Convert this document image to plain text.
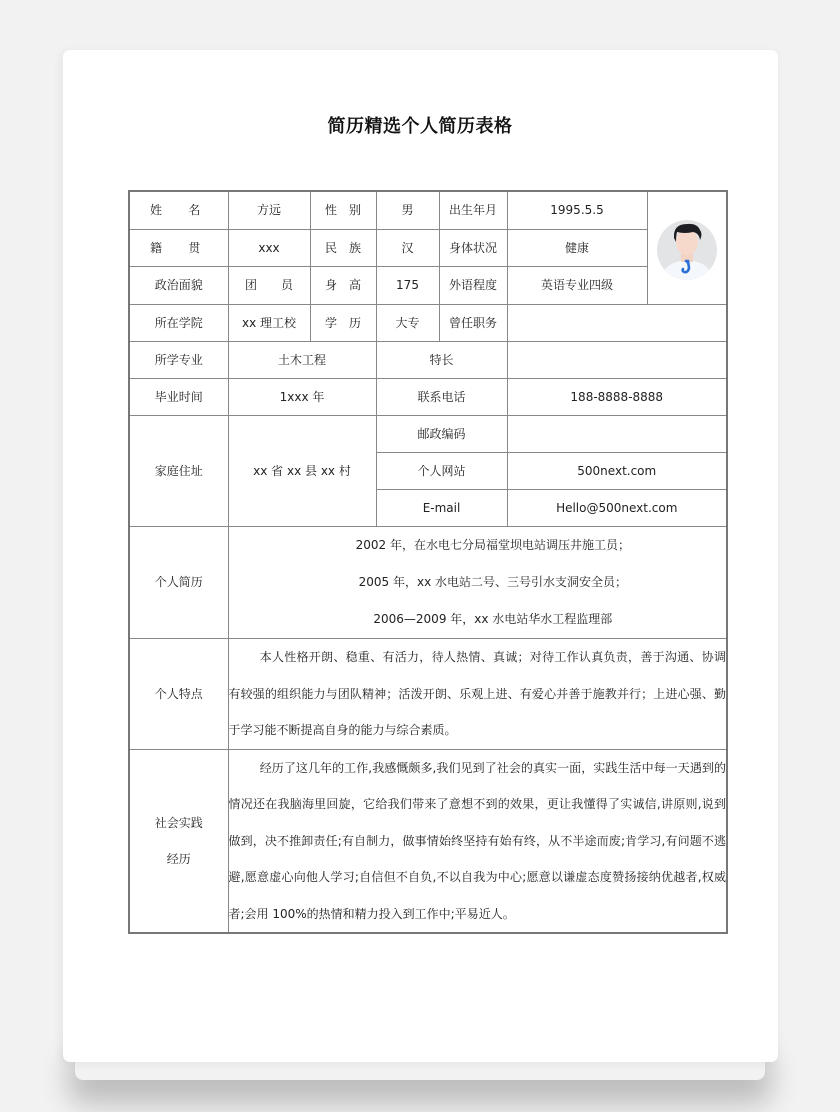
简历精选个人简历表格
姓　名	方远	性　别	男	出生年月	1995.5.5	

籍　贯	xxx	民　族	汉	身体状况	健康	
政治面貌	团　　员	身　高	175	外语程度	英语专业四级	
所在学院	xx 理工校	学　历	大专	曾任职务		
所学专业	土木工程		特长			
毕业时间	1xxx 年		联系电话		188-8888-8888	
家庭住址	xx 省 xx 县 xx 村		邮政编码			
			个人网站		500next.com	
			E-mail		Hello@500next.com	
个人简历	2002 年，在水电七分局福堂坝电站调压井施工员；
2005 年，xx 水电站二号、三号引水支洞安全员；
2006—2009 年，xx 水电站华水工程监理部					

个人特点	本人性格开朗、稳重、有活力，待人热情、真诚；对待工作认真负责，善于沟通、协调有较强的组织能力与团队精神；活泼开朗、乐观上进、有爱心并善于施教并行；上进心强、勤于学习能不断提高自身的能力与综合素质。					

社会实践
经历	经历了这几年的工作,我感慨颇多,我们见到了社会的真实一面，实践生活中每一天遇到的情况还在我脑海里回旋，它给我们带来了意想不到的效果，更让我懂得了实诚信,讲原则,说到做到，决不推卸责任;有自制力，做事情始终坚持有始有终，从不半途而废;肯学习,有问题不逃避,愿意虚心向他人学习;自信但不自负,不以自我为中心;愿意以谦虚态度赞扬接纳优越者,权威者;会用 100%的热情和精力投入到工作中;平易近人。					
